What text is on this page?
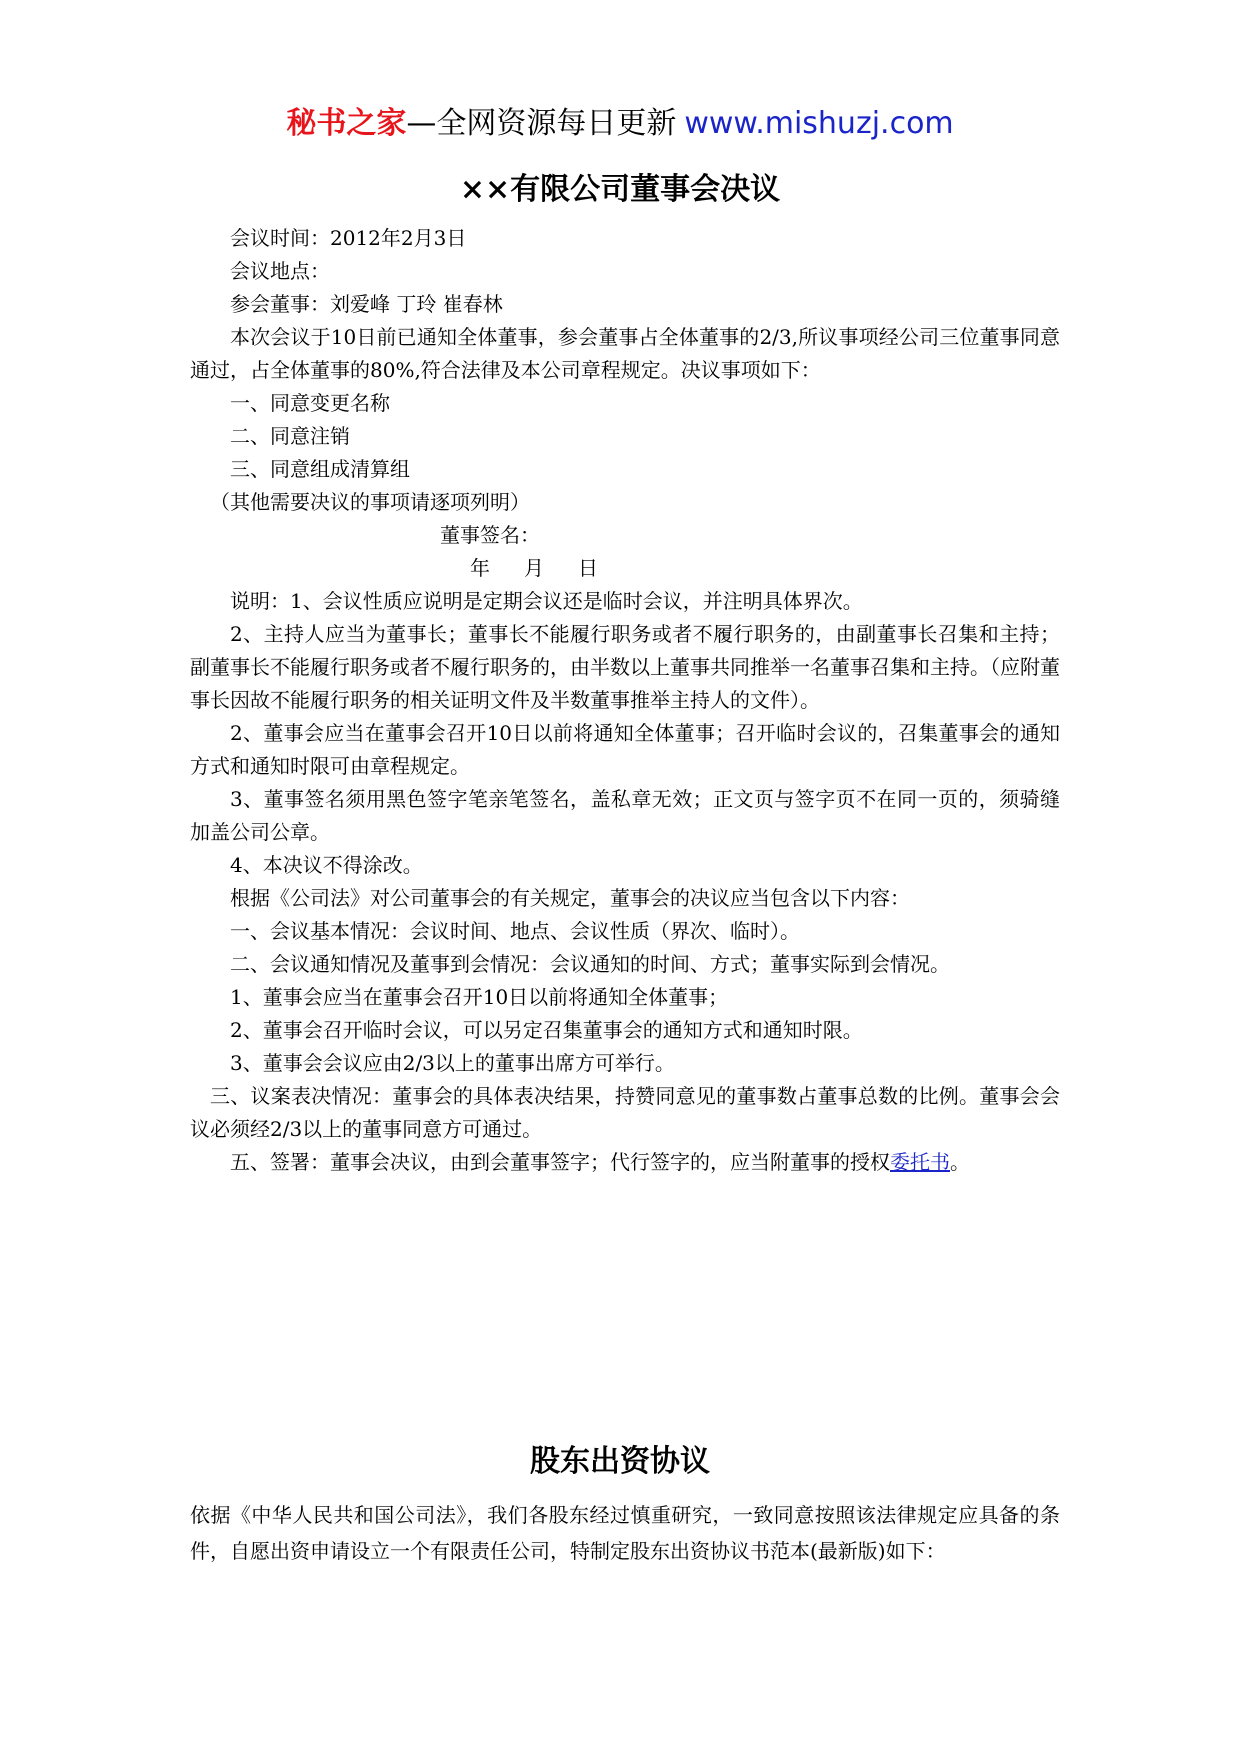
秘书之家—全网资源每日更新 www.mishuzj.com
××有限公司董事会决议

会议时间：2012年2月3日

会议地点：

参会董事：刘爱峰 丁玲 崔春林

本次会议于10日前已通知全体董事，参会董事占全体董事的2/3,所议事项经公司三位董事同意通过，占全体董事的80%,符合法律及本公司章程规定。决议事项如下：

一、同意变更名称

二、同意注销

三、同意组成清算组

（其他需要决议的事项请逐项列明）

董事签名：

年 月 日

说明：1、会议性质应说明是定期会议还是临时会议，并注明具体界次。

2、主持人应当为董事长；董事长不能履行职务或者不履行职务的，由副董事长召集和主持；副董事长不能履行职务或者不履行职务的，由半数以上董事共同推举一名董事召集和主持。（应附董事长因故不能履行职务的相关证明文件及半数董事推举主持人的文件）。

2、董事会应当在董事会召开10日以前将通知全体董事；召开临时会议的，召集董事会的通知方式和通知时限可由章程规定。

3、董事签名须用黑色签字笔亲笔签名，盖私章无效；正文页与签字页不在同一页的，须骑缝加盖公司公章。

4、本决议不得涂改。

根据《公司法》对公司董事会的有关规定，董事会的决议应当包含以下内容：

一、会议基本情况：会议时间、地点、会议性质（界次、临时）。

二、会议通知情况及董事到会情况：会议通知的时间、方式；董事实际到会情况。

1、董事会应当在董事会召开10日以前将通知全体董事；

2、董事会召开临时会议，可以另定召集董事会的通知方式和通知时限。

3、董事会会议应由2/3以上的董事出席方可举行。

三、议案表决情况：董事会的具体表决结果，持赞同意见的董事数占董事总数的比例。董事会会议必须经2/3以上的董事同意方可通过。

五、签署：董事会决议，由到会董事签字；代行签字的，应当附董事的授权委托书。

股东出资协议

依据《中华人民共和国公司法》，我们各股东经过慎重研究，一致同意按照该法律规定应具备的条件，自愿出资申请设立一个有限责任公司，特制定股东出资协议书范本(最新版)如下：
